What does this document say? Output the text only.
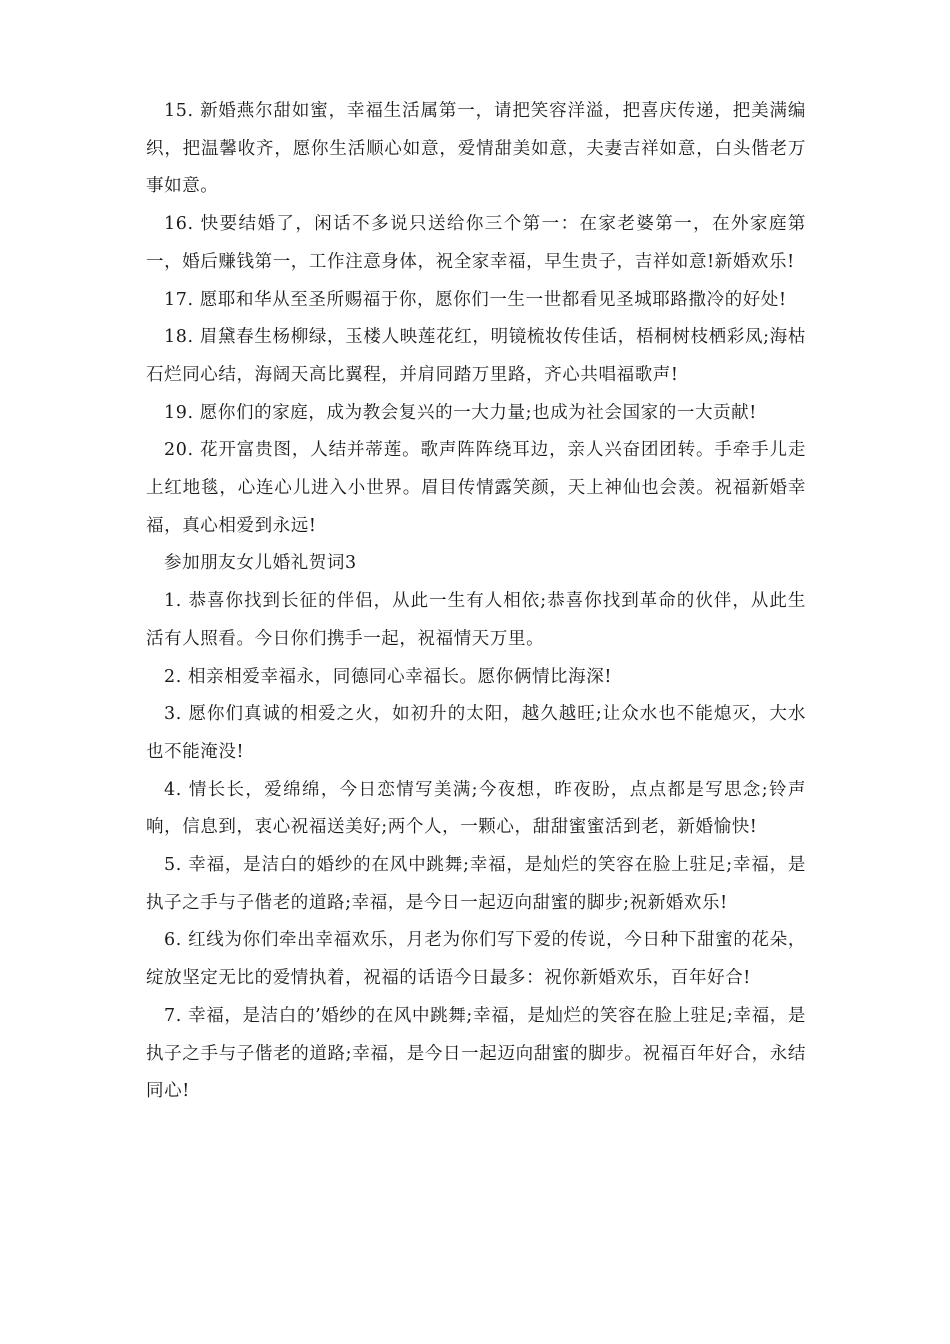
15. 新婚燕尔甜如蜜，幸福生活属第一，请把笑容洋溢，把喜庆传递，把美满编织，把温馨收齐，愿你生活顺心如意，爱情甜美如意，夫妻吉祥如意，白头偕老万事如意。

16. 快要结婚了，闲话不多说只送给你三个第一：在家老婆第一，在外家庭第一，婚后赚钱第一，工作注意身体，祝全家幸福，早生贵子，吉祥如意!新婚欢乐!

17. 愿耶和华从至圣所赐福于你，愿你们一生一世都看见圣城耶路撒冷的好处!

18. 眉黛春生杨柳绿，玉楼人映莲花红，明镜梳妆传佳话，梧桐树枝栖彩凤;海枯石烂同心结，海阔天高比翼程，并肩同踏万里路，齐心共唱福歌声!

19. 愿你们的家庭，成为教会复兴的一大力量;也成为社会国家的一大贡献!

20. 花开富贵图，人结并蒂莲。歌声阵阵绕耳边，亲人兴奋团团转。手牵手儿走上红地毯，心连心儿进入小世界。眉目传情露笑颜，天上神仙也会羡。祝福新婚幸福，真心相爱到永远!

参加朋友女儿婚礼贺词3

1. 恭喜你找到长征的伴侣，从此一生有人相依;恭喜你找到革命的伙伴，从此生活有人照看。今日你们携手一起，祝福情天万里。

2. 相亲相爱幸福永，同德同心幸福长。愿你俩情比海深!

3. 愿你们真诚的相爱之火，如初升的太阳，越久越旺;让众水也不能熄灭，大水也不能淹没!

4. 情长长，爱绵绵，今日恋情写美满;今夜想，昨夜盼，点点都是写思念;铃声响，信息到，衷心祝福送美好;两个人，一颗心，甜甜蜜蜜活到老，新婚愉快!

5. 幸福，是洁白的婚纱的在风中跳舞;幸福，是灿烂的笑容在脸上驻足;幸福，是执子之手与子偕老的道路;幸福，是今日一起迈向甜蜜的脚步;祝新婚欢乐!

6. 红线为你们牵出幸福欢乐，月老为你们写下爱的传说，今日种下甜蜜的花朵，绽放坚定无比的爱情执着，祝福的话语今日最多：祝你新婚欢乐，百年好合!

7. 幸福，是洁白的’婚纱的在风中跳舞;幸福，是灿烂的笑容在脸上驻足;幸福，是执子之手与子偕老的道路;幸福，是今日一起迈向甜蜜的脚步。祝福百年好合，永结同心!
